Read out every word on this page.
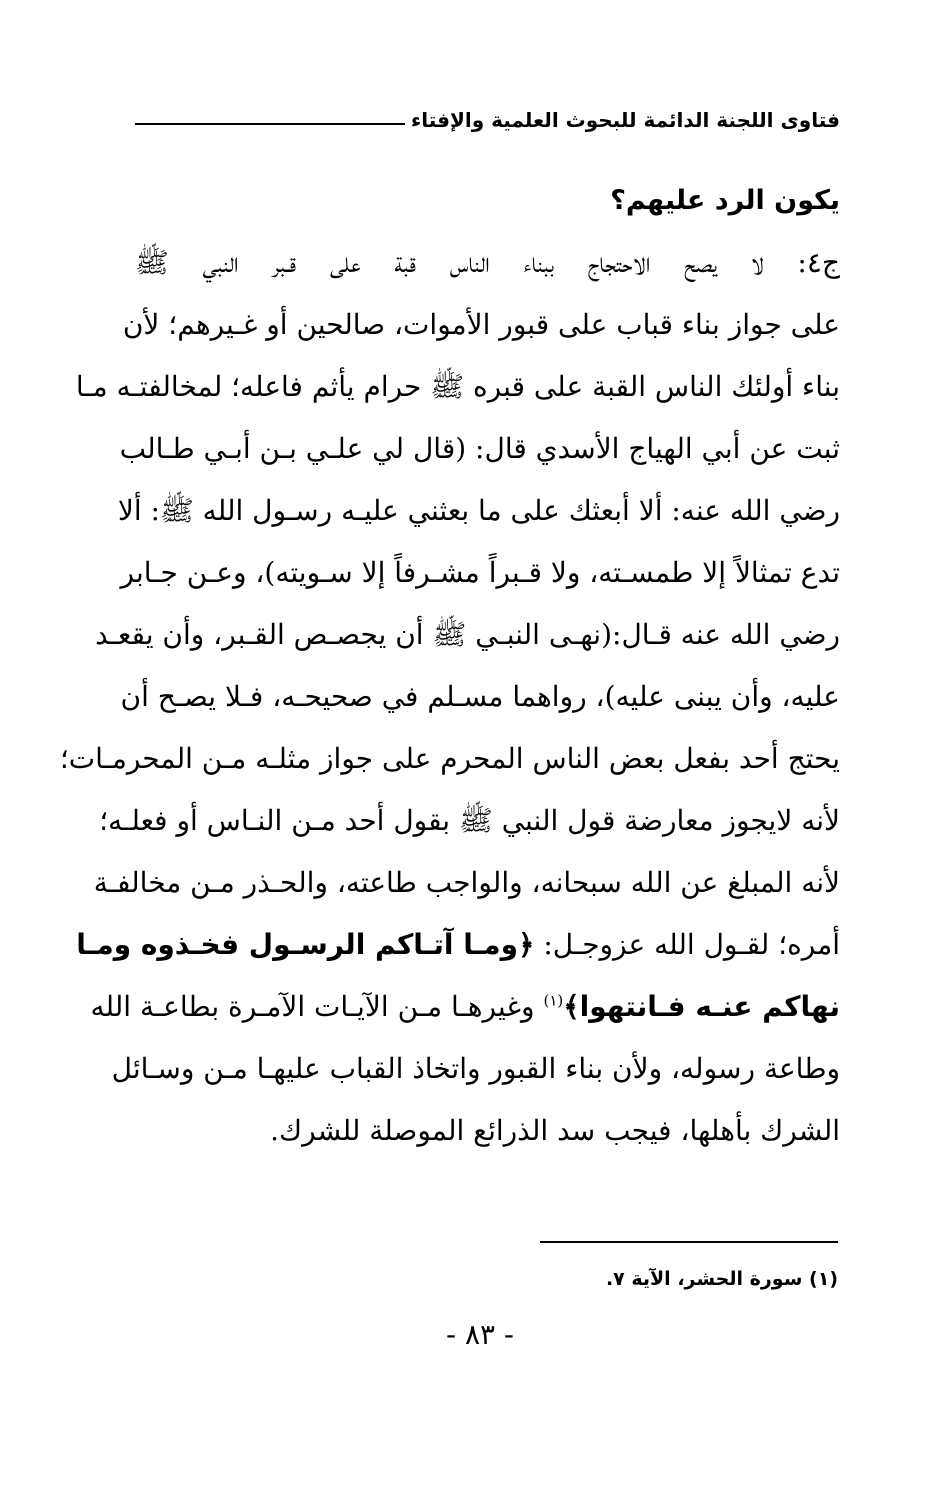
فتاوى اللجنة الدائمة للبحوث العلمية والإفتاء
يكون الرد عليهم؟
ج٤: لا يصح الاحتجاج ببناء الناس قبة على قـبر النبي ﷺ
على جواز بناء قباب على قبور الأموات، صالحين أو غـيرهم؛ لأن
بناء أولئك الناس القبة على قبره ﷺ حرام يأثم فاعله؛ لمخالفتـه مـا
ثبت عن أبي الهياج الأسدي قال: (قال لي علـي بـن أبـي طـالب
رضي الله عنه: ألا أبعثك على ما بعثني عليـه رسـول الله ﷺ: ألا
تدع تمثالاً إلا طمسـته، ولا قـبراً مشـرفاً إلا سـويته)، وعـن جـابر
رضي الله عنه قـال:(نهـى النبـي ﷺ أن يجصـص القـبر، وأن يقعـد
عليه، وأن يبنى عليه)، رواهما مسـلم في صحيحـه، فـلا يصـح أن
يحتج أحد بفعل بعض الناس المحرم على جواز مثلـه مـن المحرمـات؛
لأنه لايجوز معارضة قول النبي ﷺ بقول أحد مـن النـاس أو فعلـه؛
لأنه المبلغ عن الله سبحانه، والواجب طاعته، والحـذر مـن مخالفـة
أمره؛ لقـول الله عزوجـل: ﴿ومـا آتـاكم الرسـول فخـذوه ومـا
نهاكم عنـه فـانتهوا﴾$^{(١)}$ وغيرهـا مـن الآيـات الآمـرة بطاعـة الله
وطاعة رسوله، ولأن بناء القبور واتخاذ القباب عليهـا مـن وسـائل
الشرك بأهلها، فيجب سد الذرائع الموصلة للشرك.
(١) سورة الحشر، الآية ٧.
- ٨٣ -
